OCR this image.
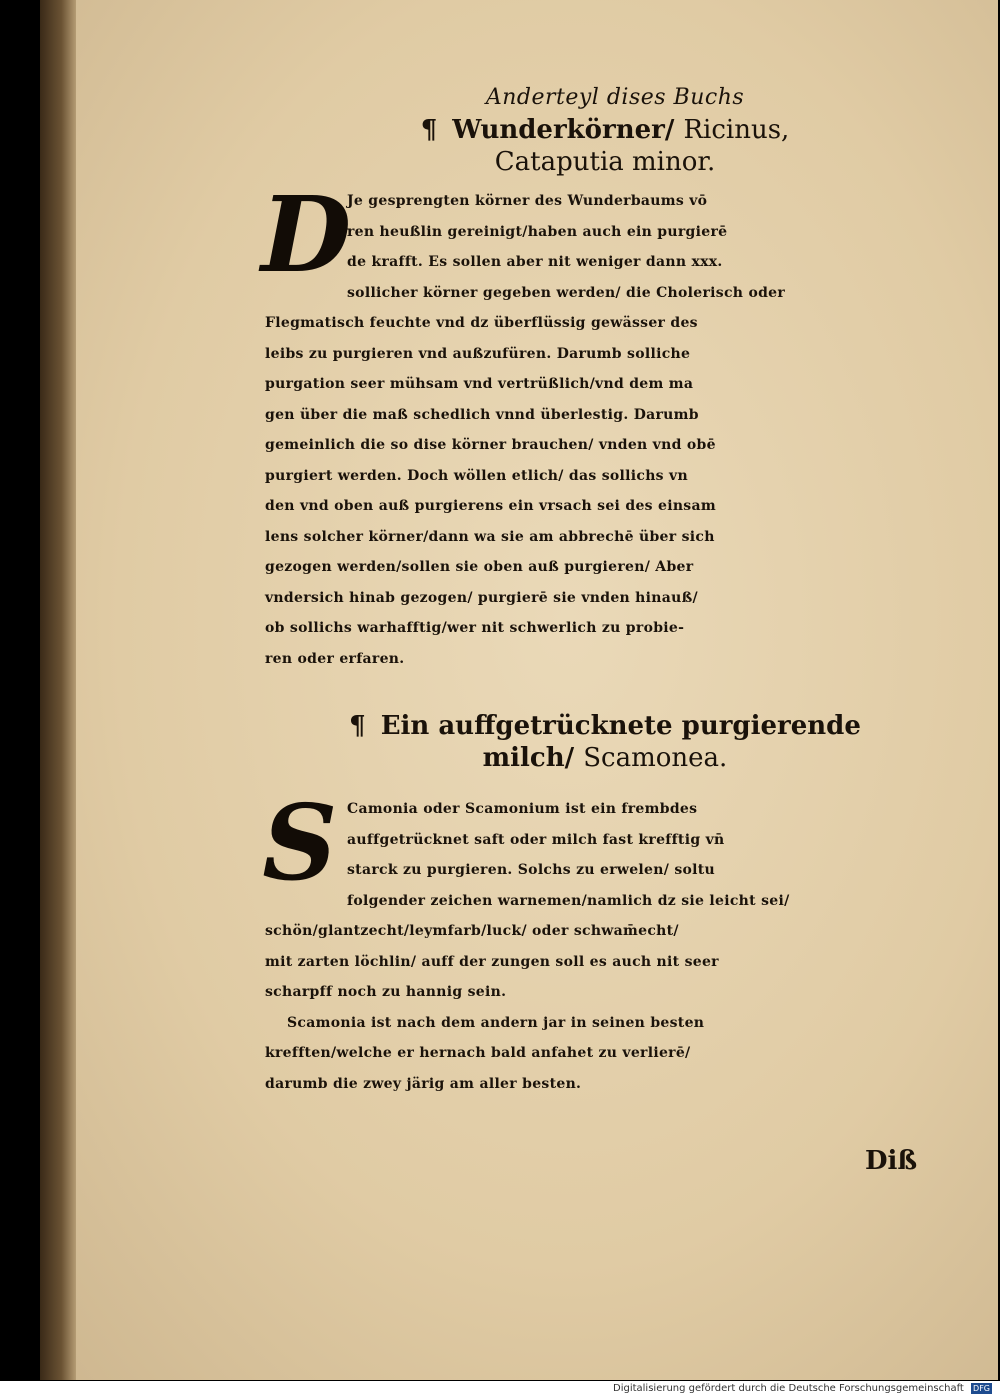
Anderteyl dises Buchs
¶ Wunderkörner/ Ricinus,
Cataputia minor.
D
Je gesprengten körner des Wunderbaums vō
ren heußlin gereinigt/haben auch ein purgierē
de krafft. Es sollen aber nit weniger dann xxx.
sollicher körner gegeben werden/ die Cholerisch oder
Flegmatisch feuchte vnd dz überflüssig gewässer des
leibs zu purgieren vnd außzufüren. Darumb solliche
purgation seer mühsam vnd vertrüßlich/vnd dem ma
gen über die maß schedlich vnnd überlestig. Darumb
gemeinlich die so dise körner brauchen/ vnden vnd obē
purgiert werden. Doch wöllen etlich/ das sollichs vn
den vnd oben auß purgierens ein vrsach sei des einsam
lens solcher körner/dann wa sie am abbrechē über sich
gezogen werden/sollen sie oben auß purgieren/ Aber
vndersich hinab gezogen/ purgierē sie vnden hinauß/
ob sollichs warhafftig/wer nit schwerlich zu probie-
ren oder erfaren.
¶ Ein auffgetrücknete purgierende
milch/ Scamonea.
S Camonia oder Scamonium ist ein frembdes
auffgetrücknet saft oder milch fast krefftig vn̄
starck zu purgieren. Solchs zu erwelen/ soltu
folgender zeichen warnemen/namlich dz sie leicht sei/
schön/glantzecht/leymfarb/luck/ oder schwam̄echt/
mit zarten löchlin/ auff der zungen soll es auch nit seer
scharpff noch zu hannig sein.
Scamonia ist nach dem andern jar in seinen besten
krefften/welche er hernach bald anfahet zu verlierē/
darumb die zwey järig am aller besten.
Diß
Digitalisierung gefördert durch die Deutsche Forschungsgemeinschaft DFG
